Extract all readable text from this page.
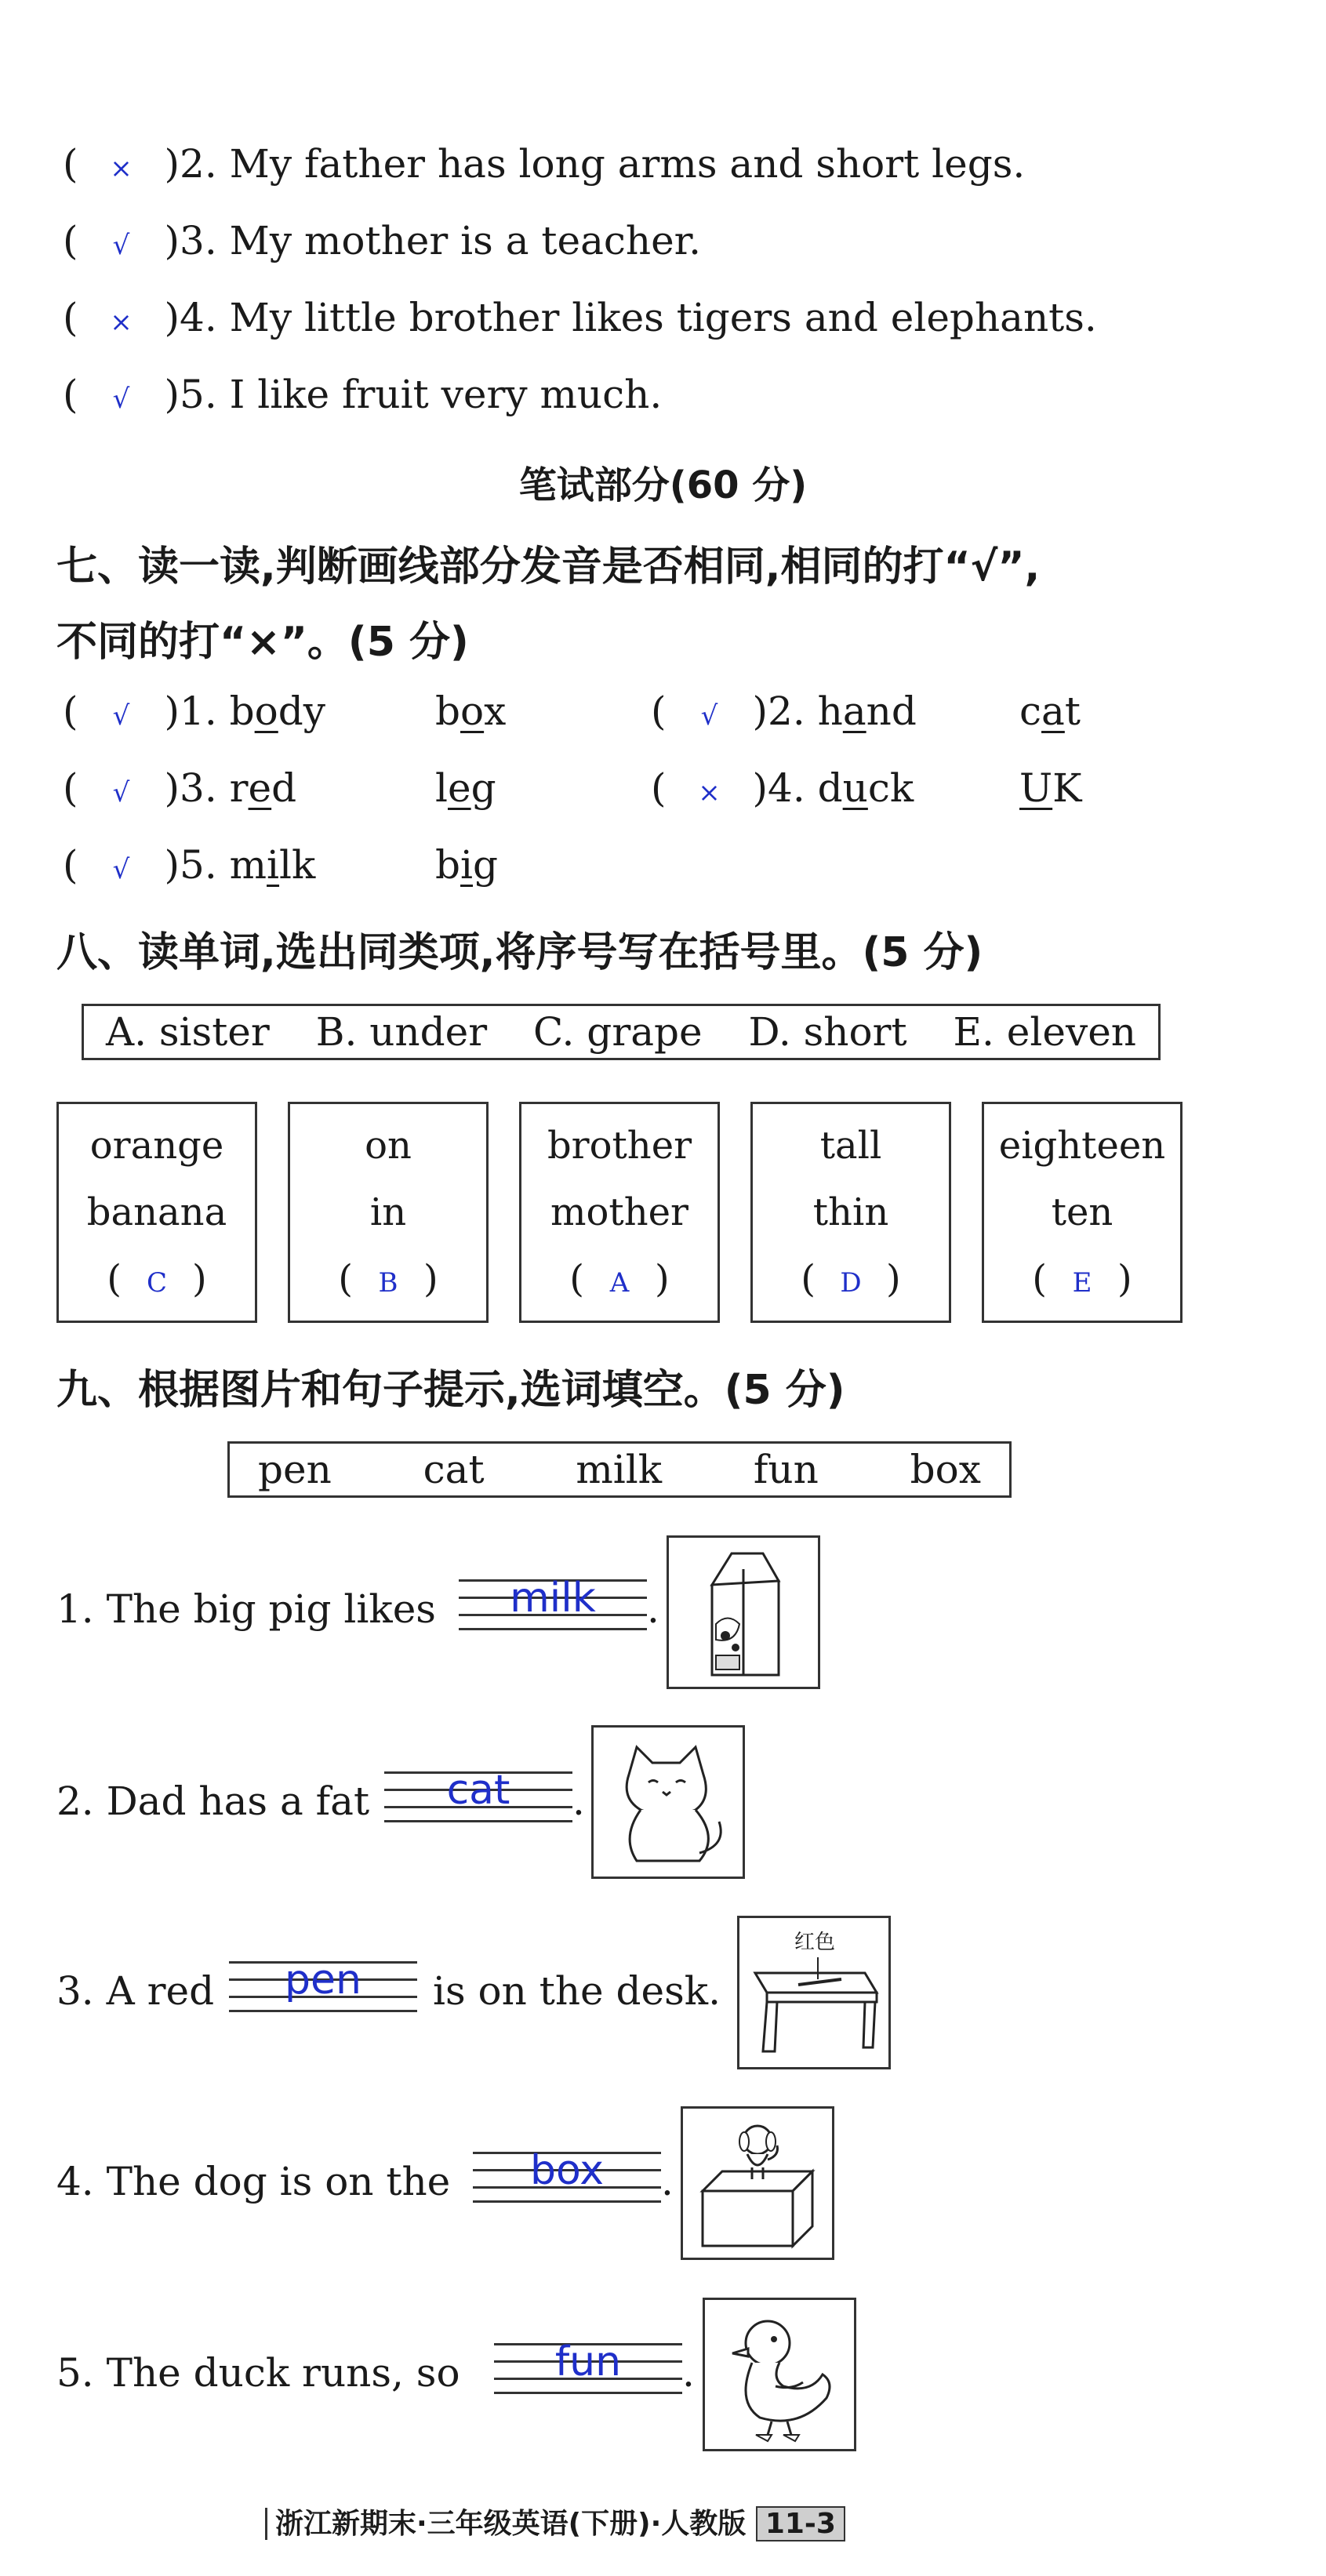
( × )2. My father has long arms and short legs.
( √ )3. My mother is a teacher.
( × )4. My little brother likes tigers and elephants.
( √ )5. I like fruit very much.
笔试部分(60 分)
七、读一读,判断画线部分发音是否相同,相同的打“√”,
不同的打“×”。(5 分)
( √ )1. body	box	( √ )2. hand	cat
( √ )3. red	leg	( × )4. duck	UK
( √ )5. milk	big
八、读单词,选出同类项,将序号写在括号里。(5 分)
A. sister B. under C. grape D. short E. eleven
orange
banana
( C )
on
in
( B )
brother
mother
( A )
tall
thin
( D )
eighteen
ten
( E )
九、根据图片和句子提示,选词填空。(5 分)
pen cat milk fun box
1. The big pig likes	milk	.
2. Dad has a fat	cat	.
3. A red	pen	is on the desk.
红色
4. The dog is on the	box	.
5. The duck runs, so	fun	.
浙江新期末·三年级英语(下册)·人教版 11-3
